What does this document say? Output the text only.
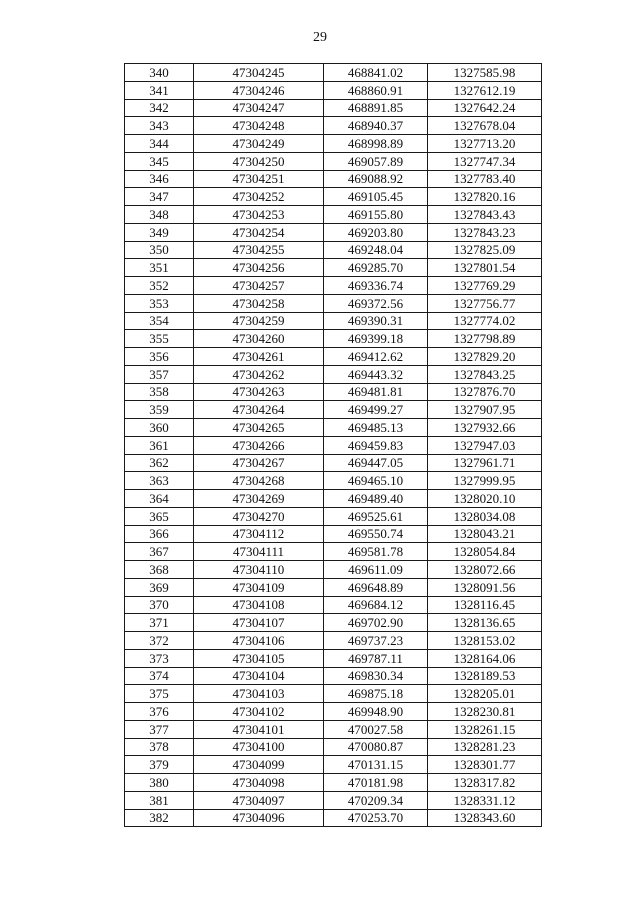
29
340	47304245	468841.02	1327585.98
341	47304246	468860.91	1327612.19
342	47304247	468891.85	1327642.24
343	47304248	468940.37	1327678.04
344	47304249	468998.89	1327713.20
345	47304250	469057.89	1327747.34
346	47304251	469088.92	1327783.40
347	47304252	469105.45	1327820.16
348	47304253	469155.80	1327843.43
349	47304254	469203.80	1327843.23
350	47304255	469248.04	1327825.09
351	47304256	469285.70	1327801.54
352	47304257	469336.74	1327769.29
353	47304258	469372.56	1327756.77
354	47304259	469390.31	1327774.02
355	47304260	469399.18	1327798.89
356	47304261	469412.62	1327829.20
357	47304262	469443.32	1327843.25
358	47304263	469481.81	1327876.70
359	47304264	469499.27	1327907.95
360	47304265	469485.13	1327932.66
361	47304266	469459.83	1327947.03
362	47304267	469447.05	1327961.71
363	47304268	469465.10	1327999.95
364	47304269	469489.40	1328020.10
365	47304270	469525.61	1328034.08
366	47304112	469550.74	1328043.21
367	47304111	469581.78	1328054.84
368	47304110	469611.09	1328072.66
369	47304109	469648.89	1328091.56
370	47304108	469684.12	1328116.45
371	47304107	469702.90	1328136.65
372	47304106	469737.23	1328153.02
373	47304105	469787.11	1328164.06
374	47304104	469830.34	1328189.53
375	47304103	469875.18	1328205.01
376	47304102	469948.90	1328230.81
377	47304101	470027.58	1328261.15
378	47304100	470080.87	1328281.23
379	47304099	470131.15	1328301.77
380	47304098	470181.98	1328317.82
381	47304097	470209.34	1328331.12
382	47304096	470253.70	1328343.60
